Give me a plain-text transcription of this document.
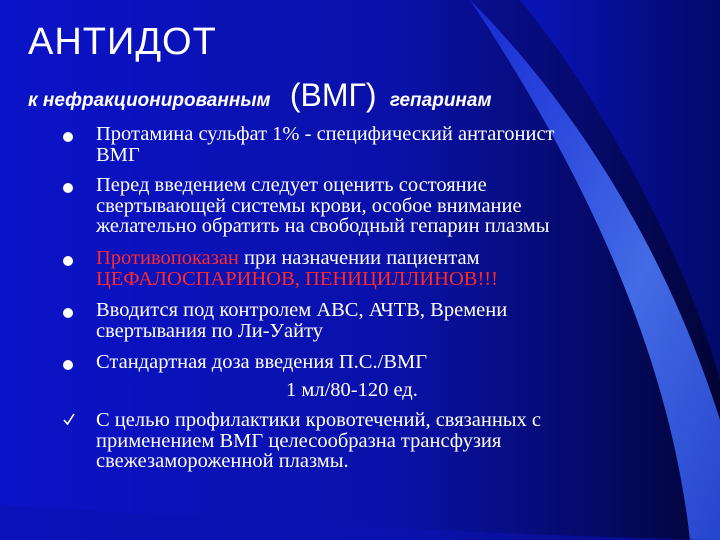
АНТИДОТ
к нефракционированным (ВМГ) гепаринам
Протамина сульфат 1% - специфический антагонист
ВМГ
Перед введением следует оценить состояние
свертывающей системы крови, особое внимание
желательно обратить на свободный гепарин плазмы
Противопоказан при назначении пациентам
ЦЕФАЛОСПАРИНОВ, ПЕНИЦИЛЛИНОВ!!!
Вводится под контролем АВС, АЧТВ, Времени
свертывания по Ли-Уайту
Стандартная доза введения П.С./ВМГ
1 мл/80-120 ед.
С целью профилактики кровотечений, связанных с
применением ВМГ целесообразна трансфузия
свежезамороженной плазмы.
